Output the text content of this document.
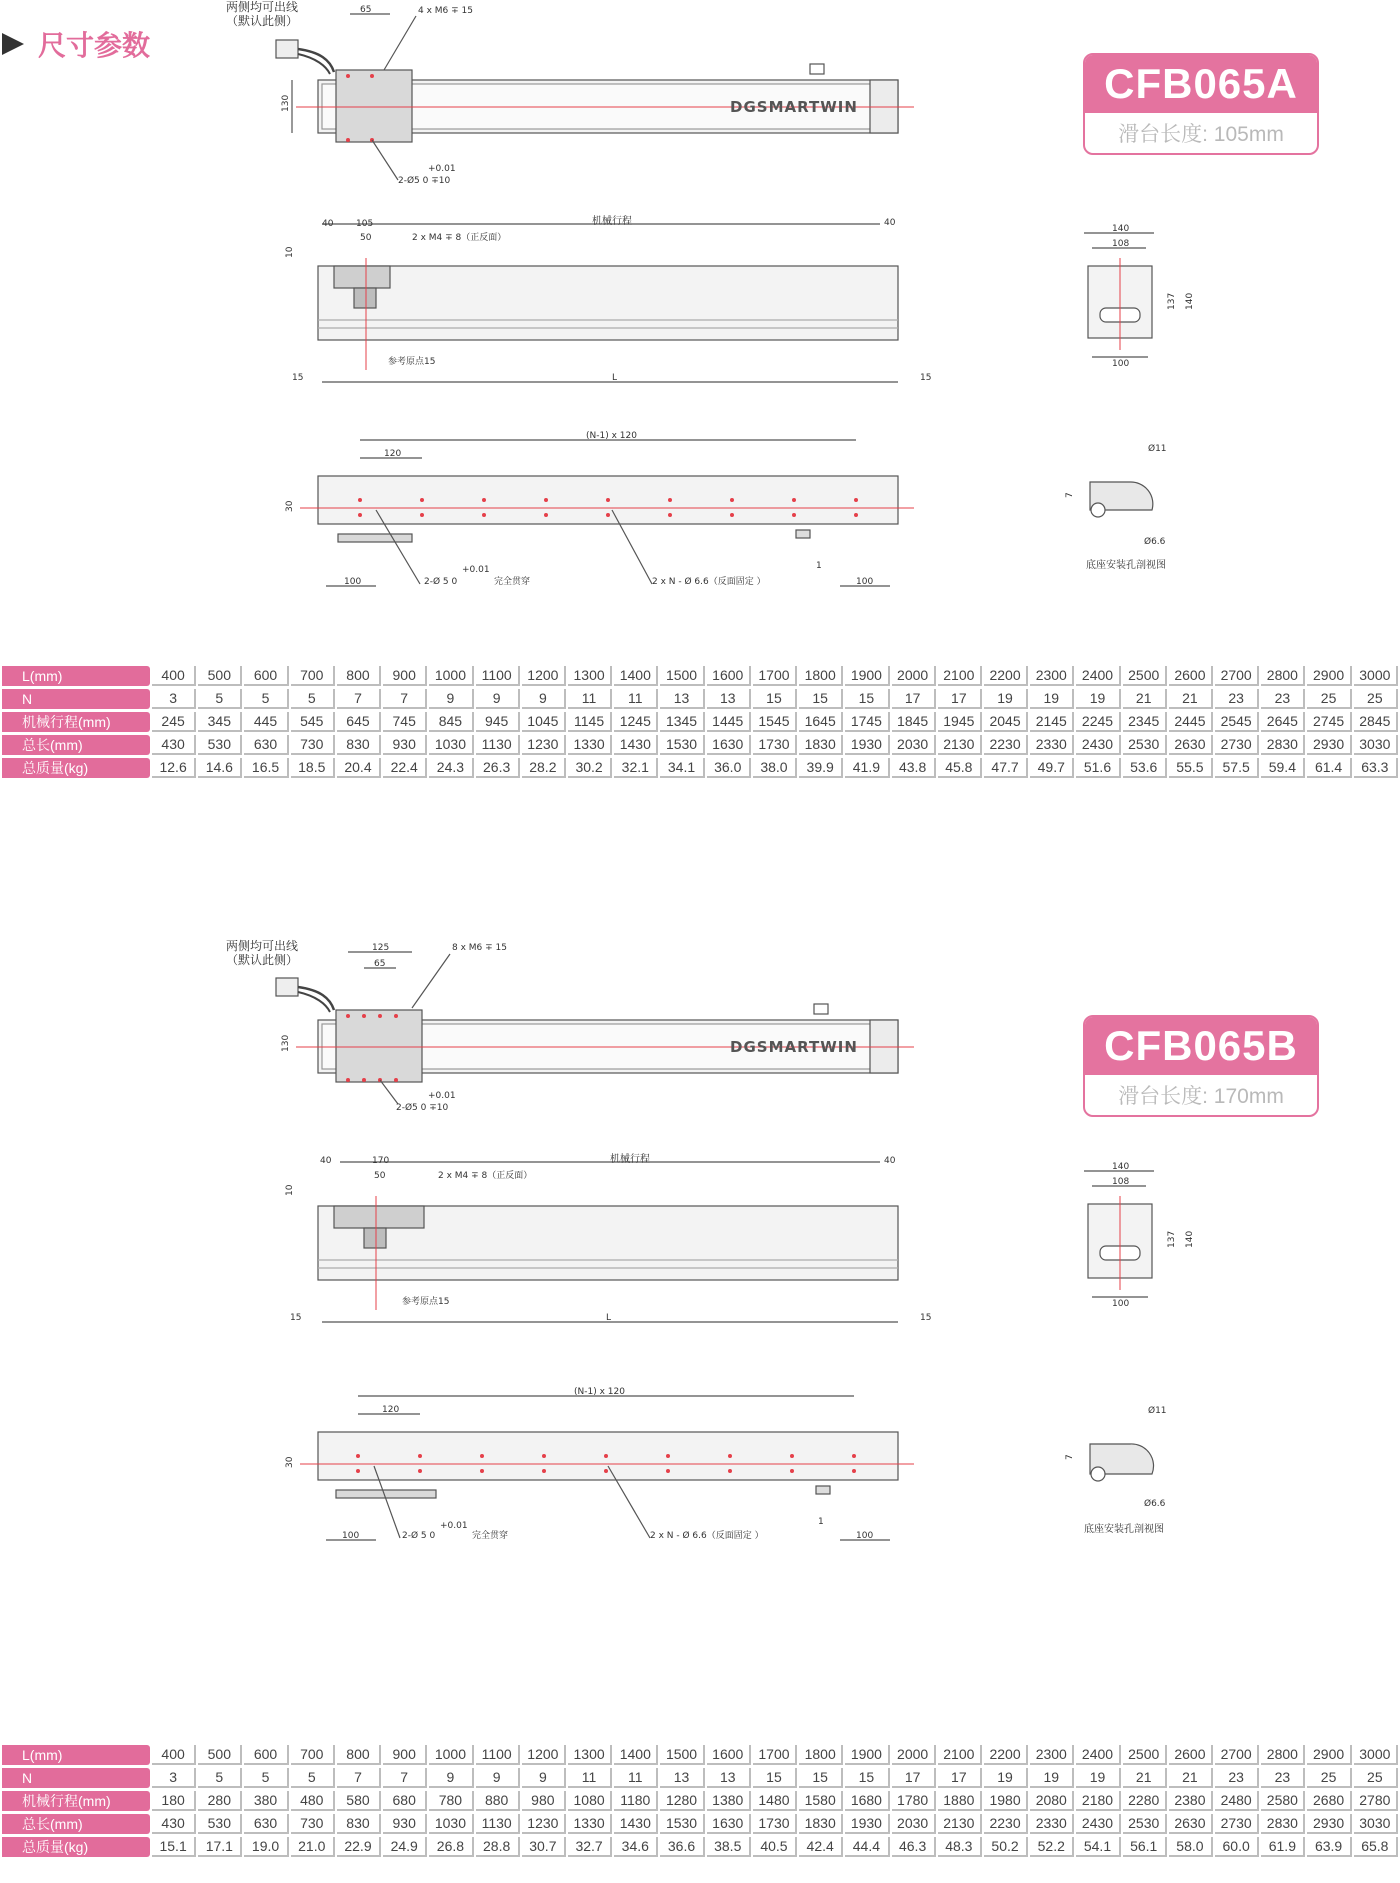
尺寸参数
CFB065A
滑台长度: 105mm
CFB065B
滑台长度: 170mm
两侧均可出线
（默认此侧）
65	4 x M6 ∓ 15
DGSMARTWIN
130
+0.01
2-Ø5 0 ∓10
40	105
50	2 x M4 ∓ 8（正反面）
机械行程	40
10
参考原点15
15	L	15
(N-1) x 120
120
30
100
+0.01
2-Ø 5 0	完全贯穿	2 x N - Ø 6.6（反面固定 ）
1
100
140
108
137 140
100
Ø11
7
Ø6.6
底座安装孔剖视图
L(mm)	400	500	600	700	800	900	1000	1100	1200	1300	1400	1500	1600	1700	1800	1900	2000	2100	2200	2300	2400	2500	2600	2700	2800	2900	3000
N	3	5	5	5	7	7	9	9	9	11	11	13	13	15	15	15	17	17	19	19	19	21	21	23	23	25	25
机械行程(mm)	245	345	445	545	645	745	845	945	1045	1145	1245	1345	1445	1545	1645	1745	1845	1945	2045	2145	2245	2345	2445	2545	2645	2745	2845
总长(mm)	430	530	630	730	830	930	1030	1130	1230	1330	1430	1530	1630	1730	1830	1930	2030	2130	2230	2330	2430	2530	2630	2730	2830	2930	3030
总质量(kg)	12.6	14.6	16.5	18.5	20.4	22.4	24.3	26.3	28.2	30.2	32.1	34.1	36.0	38.0	39.9	41.9	43.8	45.8	47.7	49.7	51.6	53.6	55.5	57.5	59.4	61.4	63.3
两侧均可出线
（默认此侧）
125
65
8 x M6 ∓ 15
DGSMARTWIN
130
+0.01
2-Ø5 0 ∓10
40	170
50	2 x M4 ∓ 8（正反面）
机械行程	40
10
参考原点15
15	L	15
(N-1) x 120
120
30
100
+0.01
2-Ø 5 0	完全贯穿	2 x N - Ø 6.6（反面固定 ）
1
100
140
108
137 140
100
Ø11
7
Ø6.6
底座安装孔剖视图
L(mm)	400	500	600	700	800	900	1000	1100	1200	1300	1400	1500	1600	1700	1800	1900	2000	2100	2200	2300	2400	2500	2600	2700	2800	2900	3000
N	3	5	5	5	7	7	9	9	9	11	11	13	13	15	15	15	17	17	19	19	19	21	21	23	23	25	25
机械行程(mm)	180	280	380	480	580	680	780	880	980	1080	1180	1280	1380	1480	1580	1680	1780	1880	1980	2080	2180	2280	2380	2480	2580	2680	2780
总长(mm)	430	530	630	730	830	930	1030	1130	1230	1330	1430	1530	1630	1730	1830	1930	2030	2130	2230	2330	2430	2530	2630	2730	2830	2930	3030
总质量(kg)	15.1	17.1	19.0	21.0	22.9	24.9	26.8	28.8	30.7	32.7	34.6	36.6	38.5	40.5	42.4	44.4	46.3	48.3	50.2	52.2	54.1	56.1	58.0	60.0	61.9	63.9	65.8
